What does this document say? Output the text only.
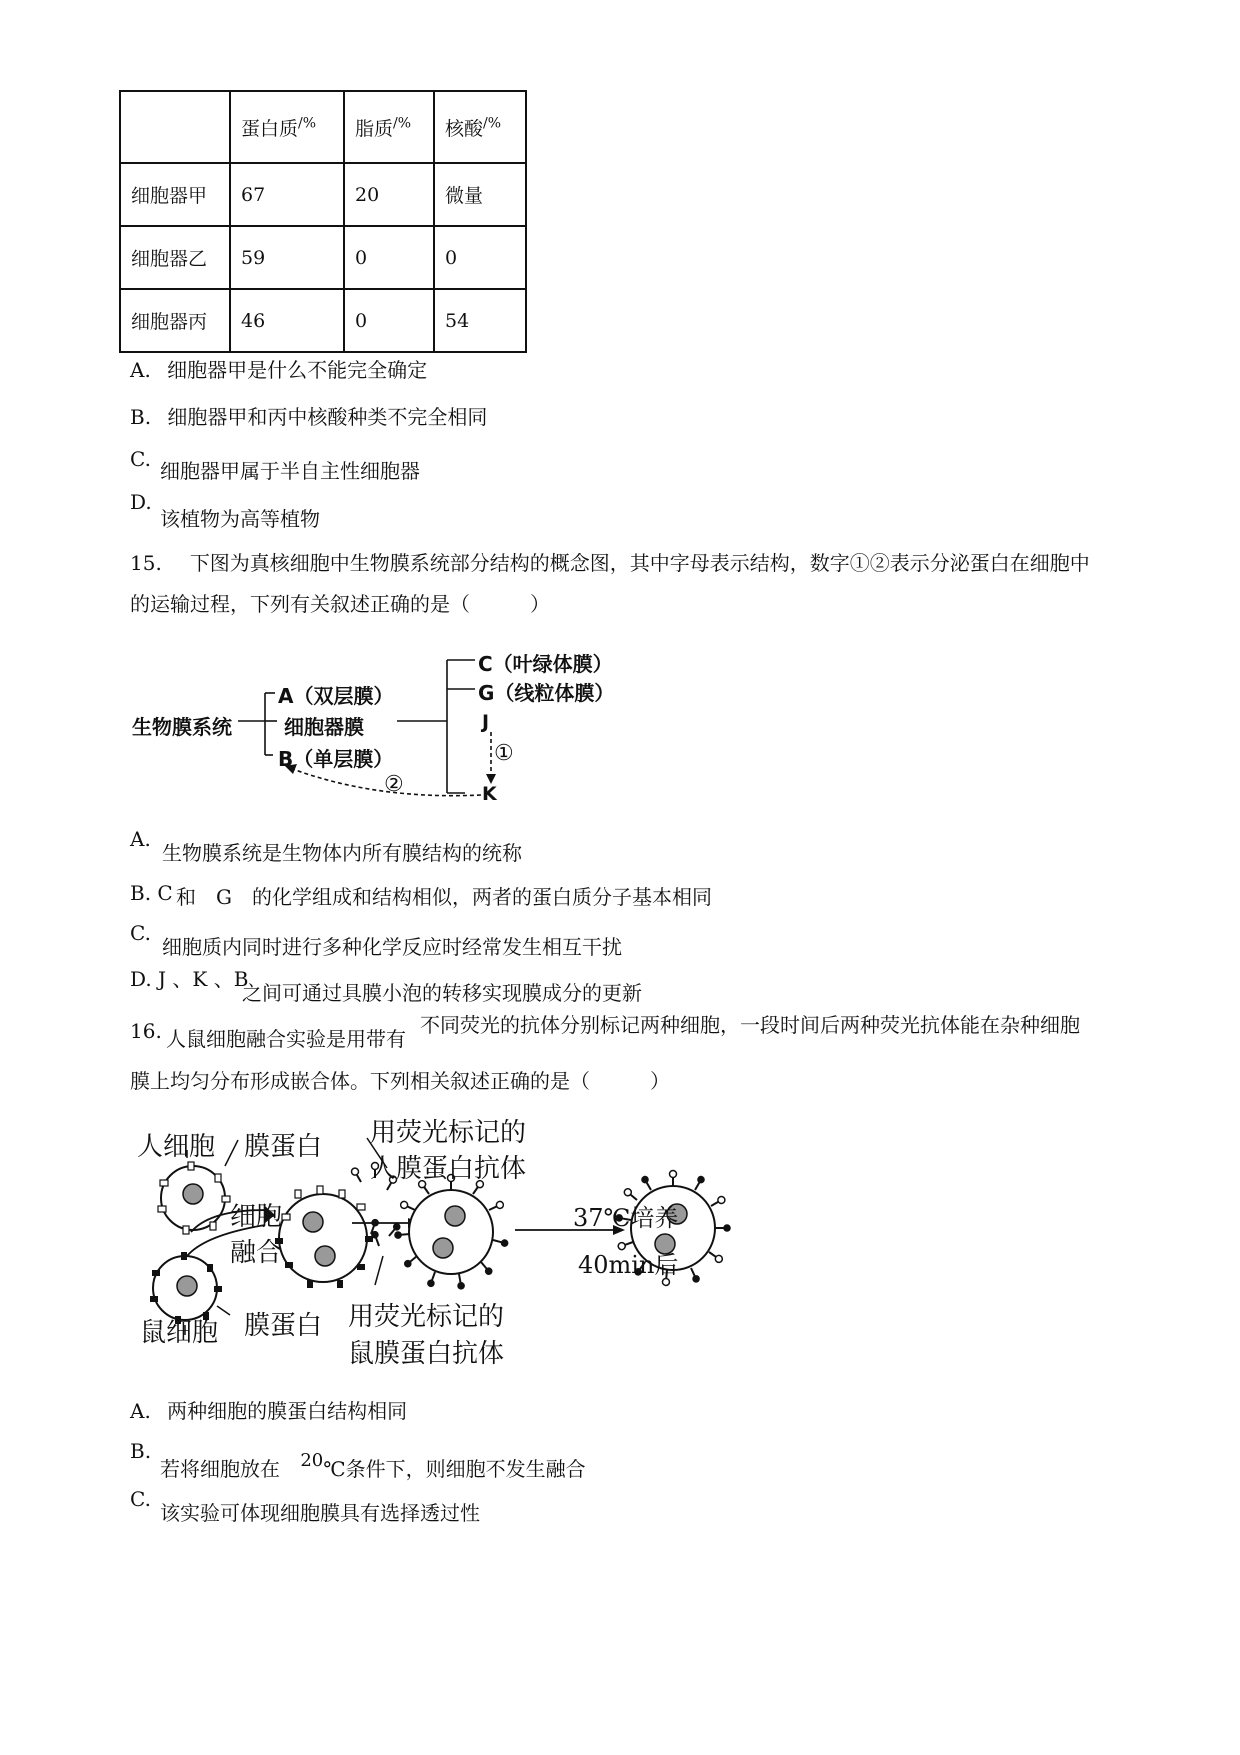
	蛋白质/%	脂质/%	核酸/%
细胞器甲	67	20	微量
细胞器乙	59	0	0
细胞器丙	46	0	54
A. 细胞器甲是什么不能完全确定
B. 细胞器甲和丙中核酸种类不完全相同
C. 细胞器甲属于半自主性细胞器
D.
该植物为高等植物
15. 下图为真核细胞中生物膜系统部分结构的概念图，其中字母表示结构，数字①②表示分泌蛋白在细胞中
的运输过程，下列有关叙述正确的是（　　　）
生物膜系统
A（双层膜）
细胞器膜
B（单层膜）
C（叶绿体膜）
G（线粒体膜）
J
K
①
②
A.
生物膜系统是生物体内所有膜结构的统称
B. C 和　G　的化学组成和结构相似，两者的蛋白质分子基本相同
C.
细胞质内同时进行多种化学反应时经常发生相互干扰
D. J 、K 、B
之间可通过具膜小泡的转移实现膜成分的更新
16. 人鼠细胞融合实验是用带有
不同荧光的抗体分别标记两种细胞，一段时间后两种荧光抗体能在杂种细胞
膜上均匀分布形成嵌合体。下列相关叙述正确的是（　　　）
人细胞 膜蛋白
细胞
融合
用荧光标记的
人膜蛋白抗体
37℃培养
40min后
鼠细胞 膜蛋白 用荧光标记的
鼠膜蛋白抗体
A. 两种细胞的膜蛋白结构相同
B.
若将细胞放在 20℃条件下，则细胞不发生融合
C.
该实验可体现细胞膜具有选择透过性
